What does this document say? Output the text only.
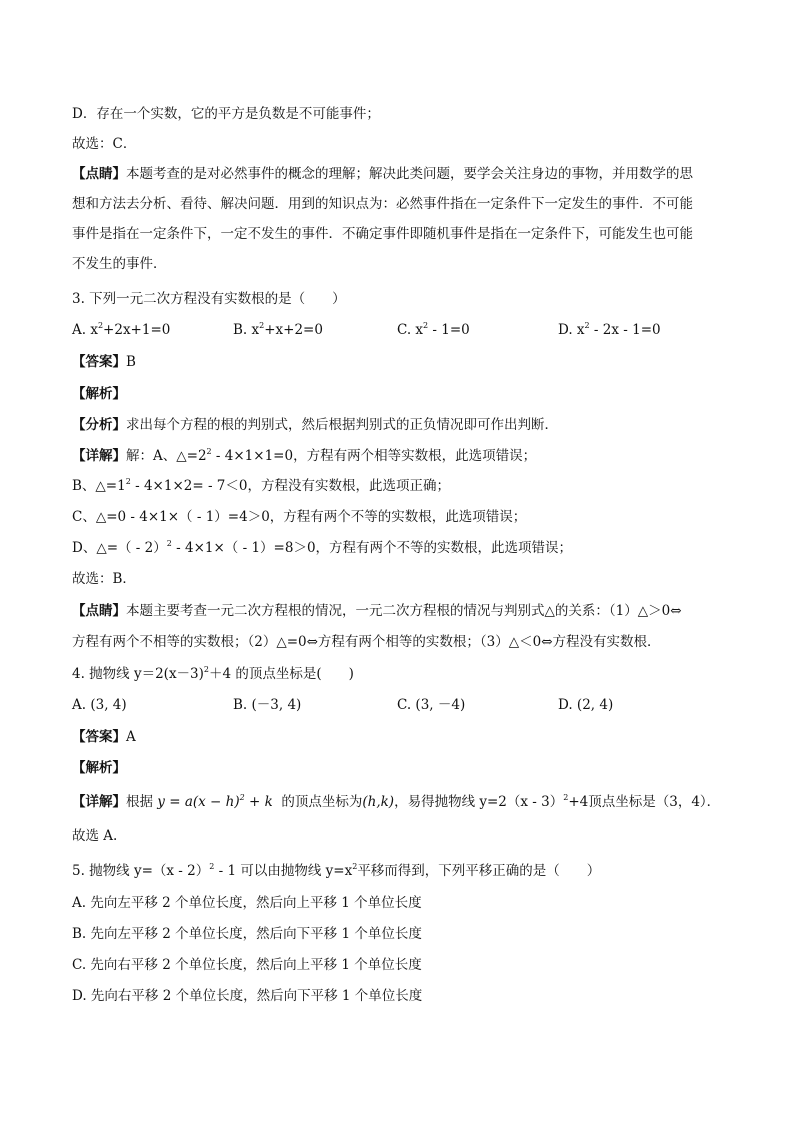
D．存在一个实数，它的平方是负数是不可能事件；
故选：C．
【点睛】本题考查的是对必然事件的概念的理解；解决此类问题，要学会关注身边的事物，并用数学的思
想和方法去分析、看待、解决问题．用到的知识点为：必然事件指在一定条件下一定发生的事件．不可能
事件是指在一定条件下，一定不发生的事件．不确定事件即随机事件是指在一定条件下，可能发生也可能
不发生的事件．
3. 下列一元二次方程没有实数根的是（　　）
A. $x^2+2x+1=0$	B. $x^2+x+2=0$	C. $x^2 - 1=0$	D. $x^2 - 2x - 1=0$
【答案】B
【解析】
【分析】求出每个方程的根的判别式，然后根据判别式的正负情况即可作出判断．
【详解】解：A、$\triangle=2^2 - 4\times 1\times 1=0$，方程有两个相等实数根，此选项错误；
B、$\triangle=1^2 - 4\times 1\times 2= - 7<0$，方程没有实数根，此选项正确；
C、△=0 - 4×1×（ - 1）=4＞0，方程有两个不等的实数根，此选项错误；
D、△=（ - 2）$^2$ - 4×1×（ - 1）=8＞0，方程有两个不等的实数根，此选项错误；
故选：B．
【点睛】本题主要考查一元二次方程根的情况，一元二次方程根的情况与判别式△的关系：（1）△＞0⇔
方程有两个不相等的实数根；（2）△=0⇔方程有两个相等的实数根；（3）△＜0⇔方程没有实数根．
4. 抛物线 $y=2(x-3)^2+4$ 的顶点坐标是(　　)
A. (3, 4)	B. (－3, 4)	C. (3, －4)	D. (2, 4)
【答案】A
【解析】
【详解】根据 $y = a(x - h)^2 + k$ 的顶点坐标为(h,k)，易得抛物线 y=2（x - 3）$^2$+4顶点坐标是（3，4）．
故选 A.
5. 抛物线 y=（x - 2）$^2$ - 1 可以由抛物线 $y=x^2$平移而得到，下列平移正确的是（　　）
A. 先向左平移 2 个单位长度，然后向上平移 1 个单位长度
B. 先向左平移 2 个单位长度，然后向下平移 1 个单位长度
C. 先向右平移 2 个单位长度，然后向上平移 1 个单位长度
D. 先向右平移 2 个单位长度，然后向下平移 1 个单位长度
